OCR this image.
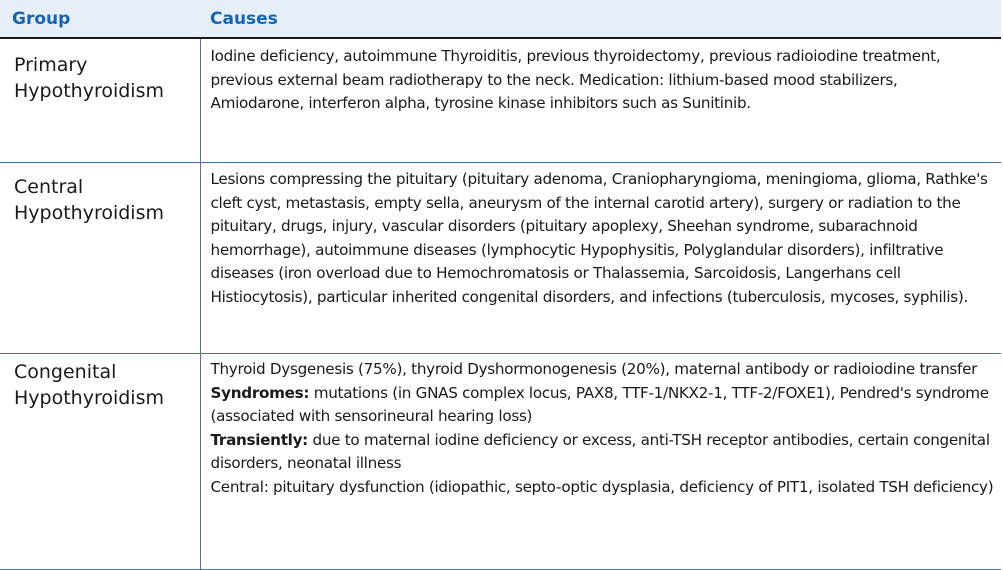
Group	Causes

Primary
Hypothyroidism	Iodine deficiency, autoimmune Thyroiditis, previous thyroidectomy, previous radioiodine treatment, previous external beam radiotherapy to the neck. Medication: lithium-based mood stabilizers, Amiodarone, interferon alpha, tyrosine kinase inhibitors such as Sunitinib.

Central
Hypothyroidism	Lesions compressing the pituitary (pituitary adenoma, Craniopharyngioma, meningioma, glioma, Rathke's cleft cyst, metastasis, empty sella, aneurysm of the internal carotid artery), surgery or radiation to the pituitary, drugs, injury, vascular disorders (pituitary apoplexy, Sheehan syndrome, subarachnoid hemorrhage), autoimmune diseases (lymphocytic Hypophysitis, Polyglandular disorders), infiltrative diseases (iron overload due to Hemochromatosis or Thalassemia, Sarcoidosis, Langerhans cell Histiocytosis), particular inherited congenital disorders, and infections (tuberculosis, mycoses, syphilis).

Congenital
Hypothyroidism	Thyroid Dysgenesis (75%), thyroid Dyshormonogenesis (20%), maternal antibody or radioiodine transfer
Syndromes: mutations (in GNAS complex locus, PAX8, TTF-1/NKX2-1, TTF-2/FOXE1), Pendred's syndrome (associated with sensorineural hearing loss)
Transiently: due to maternal iodine deficiency or excess, anti-TSH receptor antibodies, certain congenital disorders, neonatal illness
Central: pituitary dysfunction (idiopathic, septo-optic dysplasia, deficiency of PIT1, isolated TSH deficiency)
